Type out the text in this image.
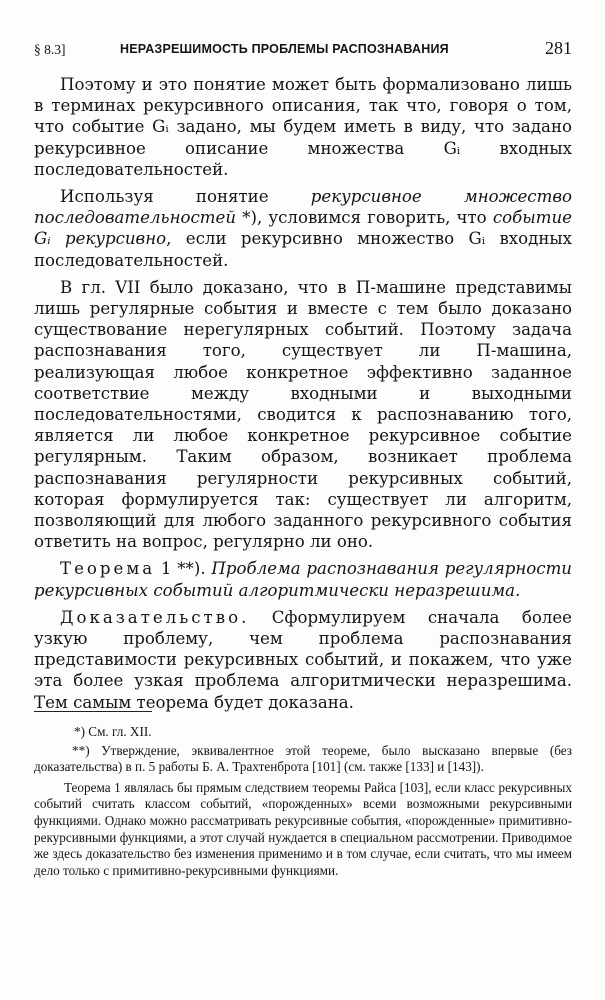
§ 8.3]	НЕРАЗРЕШИМОСТЬ ПРОБЛЕМЫ РАСПОЗНАВАНИЯ	281

Поэтому и это понятие может быть формализовано лишь в терминах рекурсивного описания, так что, говоря о том, что событие Gᵢ задано, мы будем иметь в виду, что задано рекурсивное описание множества Gᵢ входных последовательностей.

Используя понятие рекурсивное множество последовательностей *), условимся говорить, что событие Gᵢ рекурсивно, если рекурсивно множество Gᵢ входных последовательностей.

В гл. VII было доказано, что в П-машине представимы лишь регулярные события и вместе с тем было доказано существование нерегулярных событий. Поэтому задача распознавания того, существует ли П-машина, реализующая любое конкретное эффективно заданное соответствие между входными и выходными последовательностями, сводится к распознаванию того, является ли любое конкретное рекурсивное событие регулярным. Таким образом, возникает проблема распознавания регулярности рекурсивных событий, которая формулируется так: существует ли алгоритм, позволяющий для любого заданного рекурсивного события ответить на вопрос, регулярно ли оно.

Теорема 1 **). Проблема распознавания регулярности рекурсивных событий алгоритмически неразрешима.

Доказательство. Сформулируем сначала более узкую проблему, чем проблема распознавания представимости рекурсивных событий, и покажем, что уже эта более узкая проблема алгоритмически неразрешима. Тем самым теорема будет доказана.

*) См. гл. XII.

**) Утверждение, эквивалентное этой теореме, было высказано впервые (без доказательства) в п. 5 работы Б. А. Трахтенброта [101] (см. также [133] и [143]).

Теорема 1 являлась бы прямым следствием теоремы Райса [103], если класс рекурсивных событий считать классом событий, «порожденных» всеми возможными рекурсивными функциями. Однако можно рассматривать рекурсивные события, «порожденные» примитивно-рекурсивными функциями, а этот случай нуждается в специальном рассмотрении. Приводимое же здесь доказательство без изменения применимо и в том случае, если считать, что мы имеем дело только с примитивно-рекурсивными функциями.
